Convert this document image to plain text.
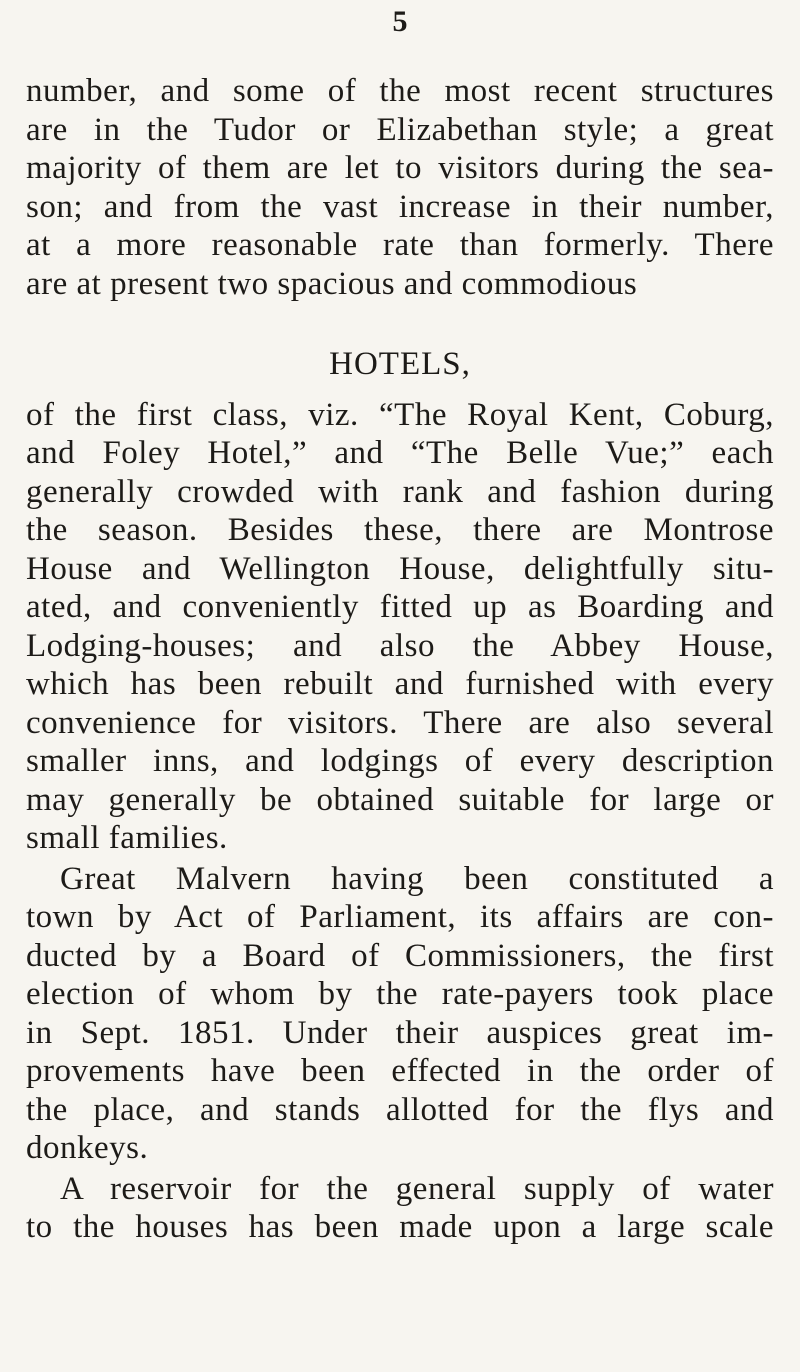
5
number, and some of the most recent structures
are in the Tudor or Elizabethan style; a great
majority of them are let to visitors during the sea-
son; and from the vast increase in their number,
at a more reasonable rate than formerly. There
are at present two spacious and commodious
HOTELS,
of the first class, viz. “The Royal Kent, Coburg,
and Foley Hotel,” and “The Belle Vue;” each
generally crowded with rank and fashion during
the season. Besides these, there are Montrose
House and Wellington House, delightfully situ-
ated, and conveniently fitted up as Boarding and
Lodging-houses; and also the Abbey House,
which has been rebuilt and furnished with every
convenience for visitors. There are also several
smaller inns, and lodgings of every description
may generally be obtained suitable for large or
small families.
Great Malvern having been constituted a
town by Act of Parliament, its affairs are con-
ducted by a Board of Commissioners, the first
election of whom by the rate-payers took place
in Sept. 1851. Under their auspices great im-
provements have been effected in the order of
the place, and stands allotted for the flys and
donkeys.
A reservoir for the general supply of water
to the houses has been made upon a large scale
